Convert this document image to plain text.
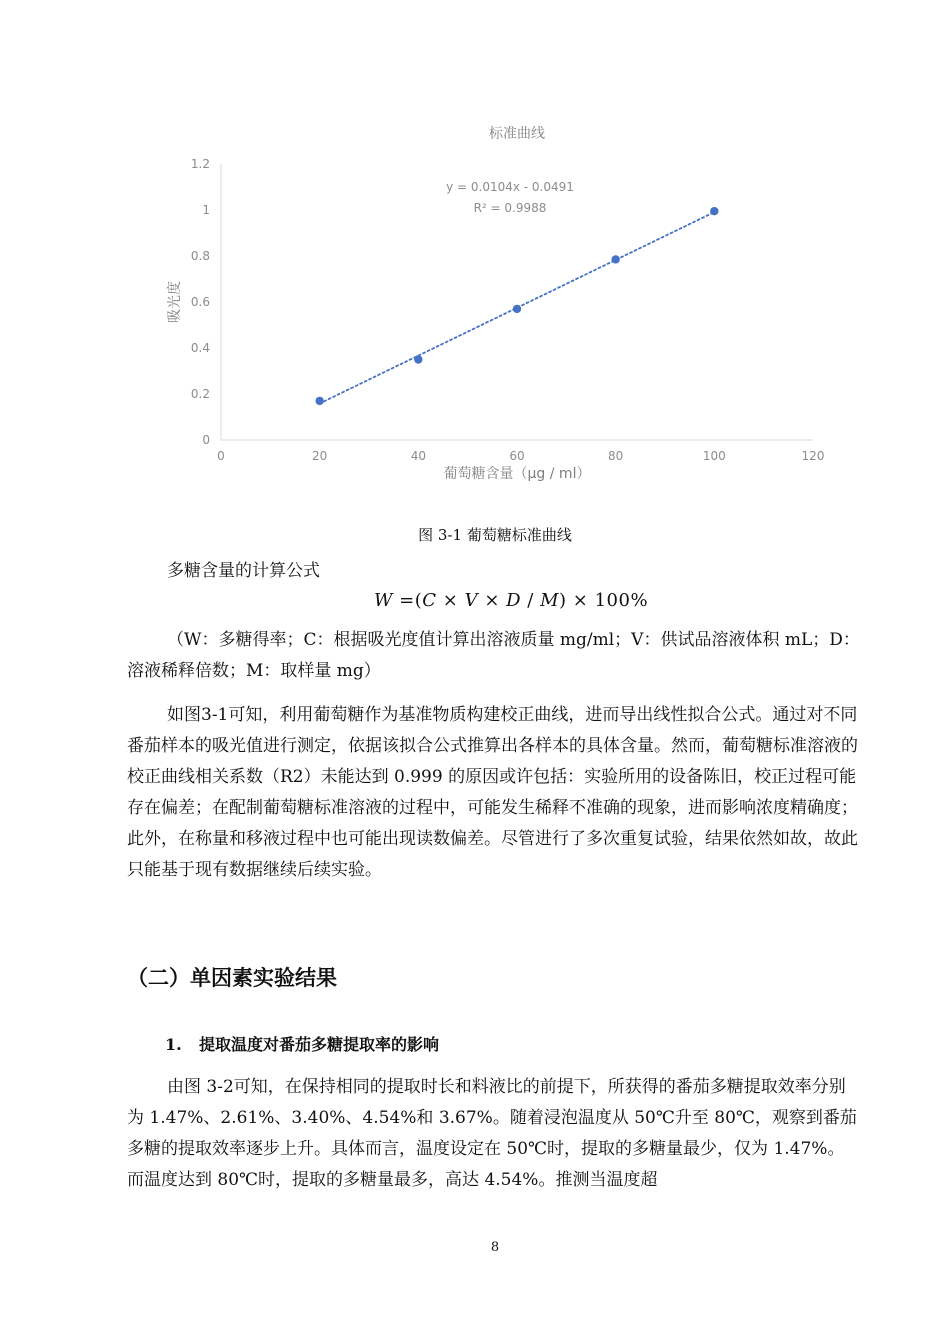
标准曲线
0
0.2
0.4
0.6
0.8
1
1.2
0	20	40	60	80	100	120
葡萄糖含量（μg / ml）
吸光度
y = 0.0104x - 0.0491
R² = 0.9988
图 3-1 葡萄糖标准曲线
多糖含量的计算公式
W =(C × V × D / M) × 100%
（W：多糖得率；C：根据吸光度值计算出溶液质量 mg/ml；V：供试品溶液体积 mL；D：溶液稀释倍数；M：取样量 mg）
如图3-1可知，利用葡萄糖作为基准物质构建校正曲线，进而导出线性拟合公式。通过对不同番茄样本的吸光值进行测定，依据该拟合公式推算出各样本的具体含量。然而，葡萄糖标准溶液的校正曲线相关系数（R2）未能达到 0.999 的原因或许包括：实验所用的设备陈旧，校正过程可能存在偏差；在配制葡萄糖标准溶液的过程中，可能发生稀释不准确的现象，进而影响浓度精确度；此外，在称量和移液过程中也可能出现读数偏差。尽管进行了多次重复试验，结果依然如故，故此只能基于现有数据继续后续实验。
（二）单因素实验结果
1. 提取温度对番茄多糖提取率的影响
由图 3-2可知，在保持相同的提取时长和料液比的前提下，所获得的番茄多糖提取效率分别为 1.47%、2.61%、3.40%、4.54%和 3.67%。随着浸泡温度从 50℃升至 80℃，观察到番茄多糖的提取效率逐步上升。具体而言，温度设定在 50℃时，提取的多糖量最少，仅为 1.47%。而温度达到 80℃时，提取的多糖量最多，高达 4.54%。推测当温度超
8
